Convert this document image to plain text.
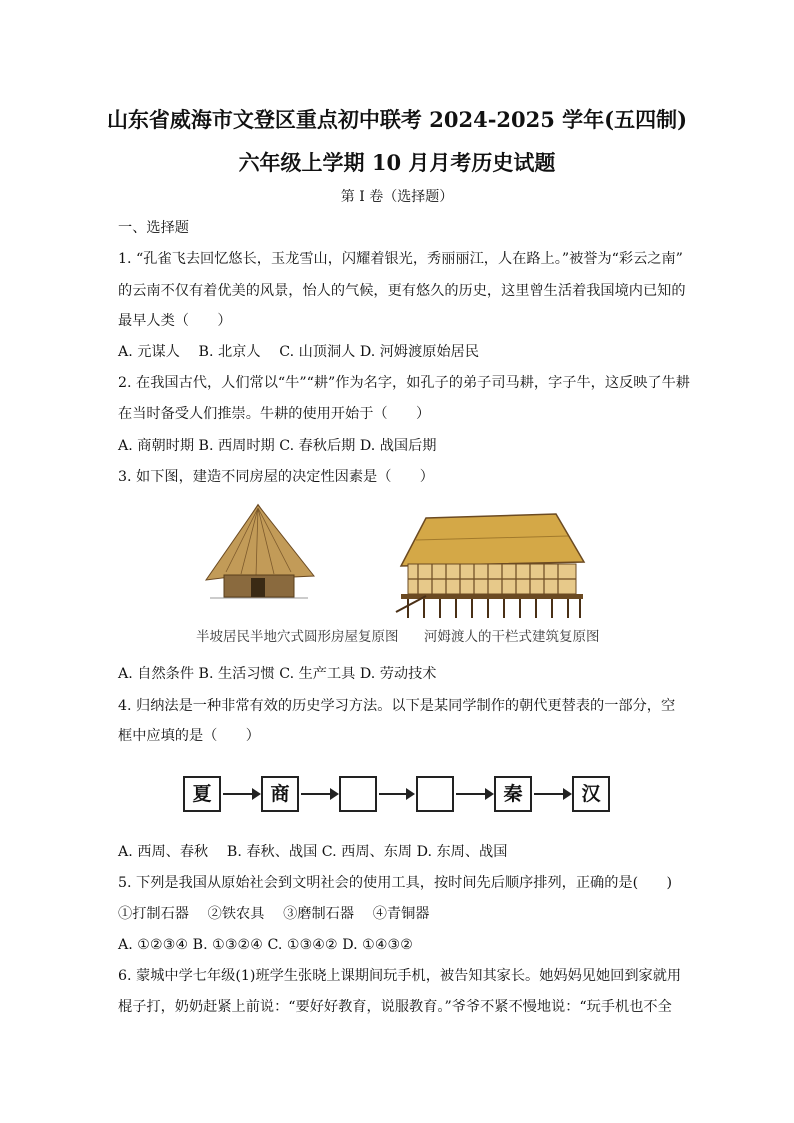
山东省威海市文登区重点初中联考 2024-2025 学年(五四制)
六年级上学期 10 月月考历史试题
第 I 卷（选择题）
一、选择题
1. “孔雀飞去回忆悠长，玉龙雪山，闪耀着银光，秀丽丽江，人在路上。”被誉为“彩云之南”
的云南不仅有着优美的风景，怡人的气候，更有悠久的历史，这里曾生活着我国境内已知的
最早人类（　　）
A. 元谋人　 B. 北京人　 C. 山顶洞人 D. 河姆渡原始居民
2. 在我国古代，人们常以“牛”“耕”作为名字，如孔子的弟子司马耕，字子牛，这反映了牛耕
在当时备受人们推崇。牛耕的使用开始于（　　）
A. 商朝时期 B. 西周时期 C. 春秋后期 D. 战国后期
3. 如下图，建造不同房屋的决定性因素是（　　）
半坡居民半地穴式圆形房屋复原图 河姆渡人的干栏式建筑复原图
A. 自然条件 B. 生活习惯 C. 生产工具 D. 劳动技术
4. 归纳法是一种非常有效的历史学习方法。以下是某同学制作的朝代更替表的一部分，空
框中应填的是（　　）
夏	商	秦	汉
A. 西周、春秋　 B. 春秋、战国 C. 西周、东周 D. 东周、战国
5. 下列是我国从原始社会到文明社会的使用工具，按时间先后顺序排列，正确的是(　　)
①打制石器　 ②铁农具　 ③磨制石器　 ④青铜器
A. ①②③④ B. ①③②④ C. ①③④② D. ①④③②
6. 蒙城中学七年级(1)班学生张晓上课期间玩手机，被告知其家长。她妈妈见她回到家就用
棍子打，奶奶赶紧上前说：“要好好教育，说服教育。”爷爷不紧不慢地说：“玩手机也不全
